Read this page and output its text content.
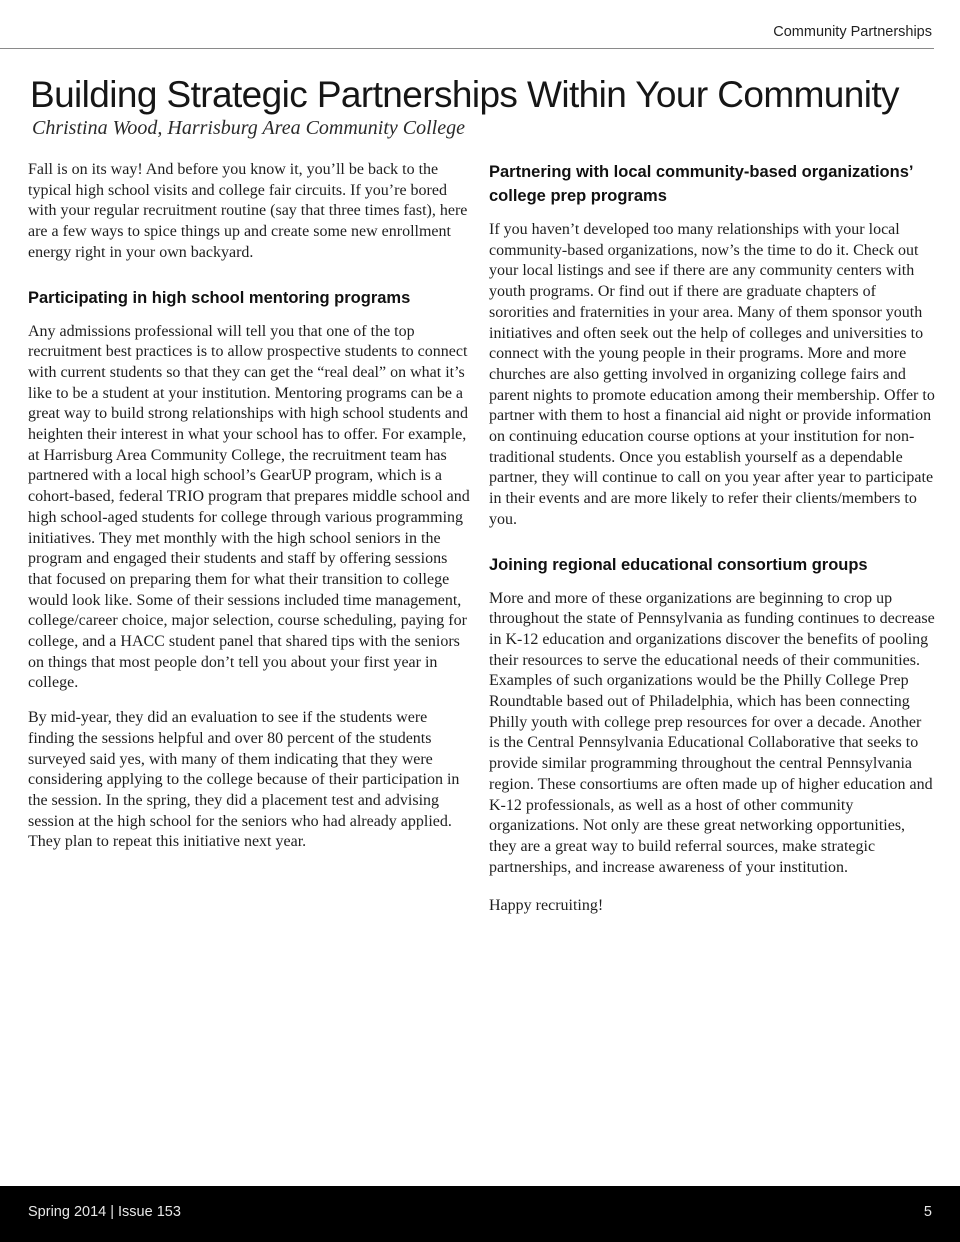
Community Partnerships
Building Strategic Partnerships Within Your Community
Christina Wood, Harrisburg Area Community College

Fall is on its way! And before you know it, you’ll be back to the typical high school visits and college fair circuits. If you’re bored with your regular recruitment routine (say that three times fast), here are a few ways to spice things up and create some new enrollment energy right in your own backyard.

Participating in high school mentoring programs

Any admissions professional will tell you that one of the top recruitment best practices is to allow prospective students to connect with current students so that they can get the “real deal” on what it’s like to be a student at your institution. Mentoring programs can be a great way to build strong relationships with high school students and heighten their interest in what your school has to offer. For example, at Harrisburg Area Community College, the recruitment team has partnered with a local high school’s GearUP program, which is a cohort-based, federal TRIO program that prepares middle school and high school-aged students for college through various programming initiatives. They met monthly with the high school seniors in the program and engaged their students and staff by offering sessions that focused on preparing them for what their transition to college would look like. Some of their sessions included time management, college/career choice, major selection, course scheduling, paying for college, and a HACC student panel that shared tips with the seniors on things that most people don’t tell you about your first year in college.

By mid-year, they did an evaluation to see if the students were finding the sessions helpful and over 80 percent of the students surveyed said yes, with many of them indicating that they were considering applying to the college because of their participation in the session. In the spring, they did a placement test and advising session at the high school for the seniors who had already applied. They plan to repeat this initiative next year.

Partnering with local community-based organizations’ college prep programs

If you haven’t developed too many relationships with your local community-based organizations, now’s the time to do it. Check out your local listings and see if there are any community centers with youth programs. Or find out if there are graduate chapters of sororities and fraternities in your area. Many of them sponsor youth initiatives and often seek out the help of colleges and universities to connect with the young people in their programs. More and more churches are also getting involved in organizing college fairs and parent nights to promote education among their membership. Offer to partner with them to host a financial aid night or provide information on continuing education course options at your institution for non-traditional students. Once you establish yourself as a dependable partner, they will continue to call on you year after year to participate in their events and are more likely to refer their clients/members to you.

Joining regional educational consortium groups

More and more of these organizations are beginning to crop up throughout the state of Pennsylvania as funding continues to decrease in K-12 education and organizations discover the benefits of pooling their resources to serve the educational needs of their communities. Examples of such organizations would be the Philly College Prep Roundtable based out of Philadelphia, which has been connecting Philly youth with college prep resources for over a decade. Another is the Central Pennsylvania Educational Collaborative that seeks to provide similar programming throughout the central Pennsylvania region. These consortiums are often made up of higher education and K-12 professionals, as well as a host of other community organizations. Not only are these great networking opportunities, they are a great way to build referral sources, make strategic partnerships, and increase awareness of your institution.

Happy recruiting!

Spring 2014 | Issue 153	5
